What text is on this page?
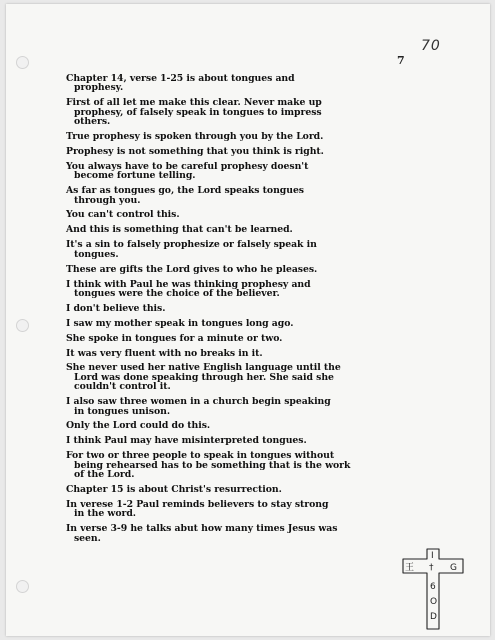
70
7
Chapter 14, verse 1-25 is about tongues and
prophesy.
First of all let me make this clear. Never make up
prophesy, of falsely speak in tongues to impress
others.
True prophesy is spoken through you by the Lord.
Prophesy is not something that you think is right.
You always have to be careful prophesy doesn't
become fortune telling.
As far as tongues go, the Lord speaks tongues
through you.
You can't control this.
And this is something that can't be learned.
It's a sin to falsely prophesize or falsely speak in
tongues.
These are gifts the Lord gives to who he pleases.
I think with Paul he was thinking prophesy and
tongues were the choice of the believer.
I don't believe this.
I saw my mother speak in tongues long ago.
She spoke in tongues for a minute or two.
It was very fluent with no breaks in it.
She never used her native English language until the
Lord was done speaking through her. She said she
couldn't control it.
I also saw three women in a church begin speaking
in tongues unison.
Only the Lord could do this.
I think Paul may have misinterpreted tongues.
For two or three people to speak in tongues without
being rehearsed has to be something that is the work
of the Lord.
Chapter 15 is about Christ's resurrection.
In verese 1-2 Paul reminds believers to stay strong
in the word.
In verse 3-9 he talks abut how many times Jesus was
seen.
I
王 † G
6
O
D
